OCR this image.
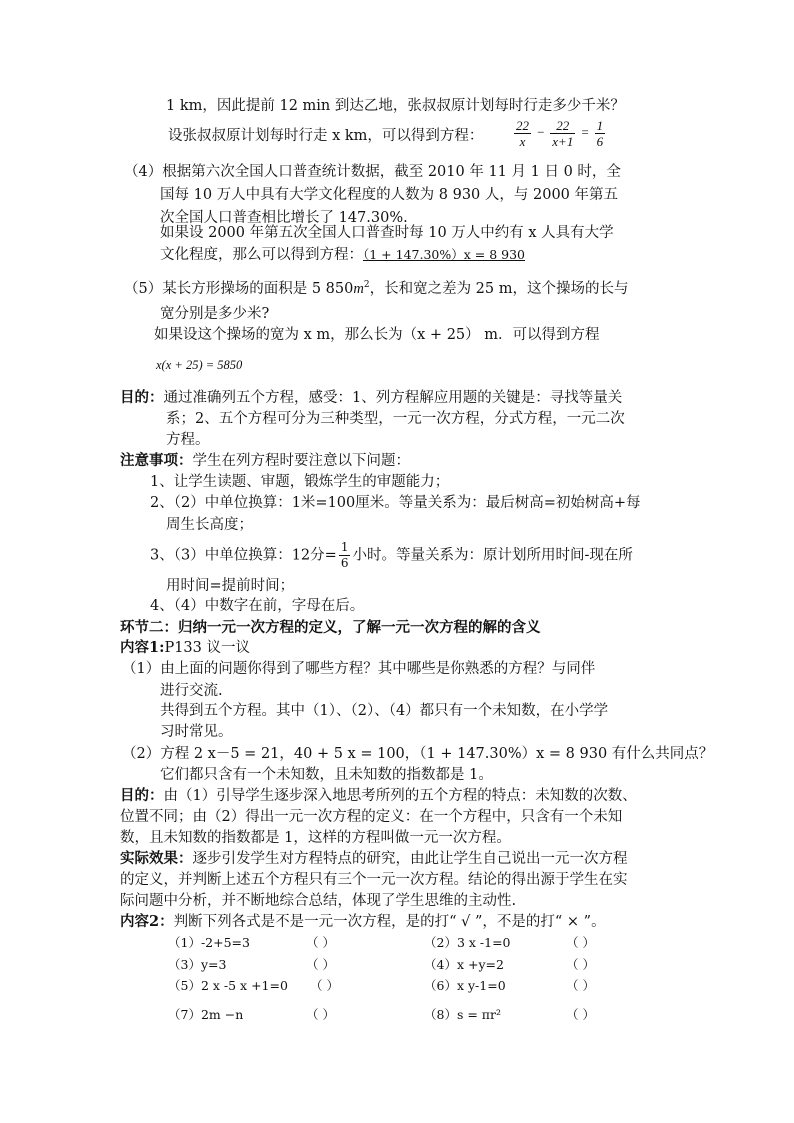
1 km，因此提前 12 min 到达乙地，张叔叔原计划每时行走多少千米？
设张叔叔原计划每时行走 x km，可以得到方程： $\frac{22}{x} - \frac{22}{x+1} = \frac{1}{6}$
（4）根据第六次全国人口普查统计数据，截至 2010 年 11 月 1 日 0 时，全
国每 10 万人中具有大学文化程度的人数为 8 930 人，与 2000 年第五
次全国人口普查相比增长了 147.30%.
如果设 2000 年第五次全国人口普查时每 10 万人中约有 x 人具有大学
文化程度，那么可以得到方程：（1 + 147.30%）x = 8 930
（5）某长方形操场的面积是 5 $850m^2$，长和宽之差为 25 m，这个操场的长与
宽分别是多少米?
如果设这个操场的宽为 x m，那么长为（x + 25） m．可以得到方程
x(x + 25) = 5850
目的：通过准确列五个方程，感受：1、列方程解应用题的关键是：寻找等量关
系；2、五个方程可分为三种类型，一元一次方程，分式方程，一元二次
方程。
注意事项：学生在列方程时要注意以下问题：
1、让学生读题、审题，锻炼学生的审题能力；
2、（2）中单位换算：1米=100厘米。等量关系为：最后树高=初始树高+每
周生长高度；
3、（3）中单位换算：12分= $\frac{1}{6}$ 小时。等量关系为：原计划所用时间-现在所
用时间=提前时间；
4、（4）中数字在前，字母在后。
环节二：归纳一元一次方程的定义，了解一元一次方程的解的含义
内容1:P133 议一议
（1）由上面的问题你得到了哪些方程？其中哪些是你熟悉的方程？与同伴
进行交流.
共得到五个方程。其中（1）、（2）、（4）都只有一个未知数，在小学学
习时常见。
（2）方程 2 x－5 = 21，40 + 5 x = 100，（1 + 147.30%）x = 8 930 有什么共同点？
它们都只含有一个未知数，且未知数的指数都是 1。
目的：由（1）引导学生逐步深入地思考所列的五个方程的特点：未知数的次数、
位置不同；由（2）得出一元一次方程的定义：在一个方程中，只含有一个未知
数，且未知数的指数都是 1，这样的方程叫做一元一次方程。
实际效果：逐步引发学生对方程特点的研究，由此让学生自己说出一元一次方程
的定义，并判断上述五个方程只有三个一元一次方程。结论的得出源于学生在实
际问题中分析，并不断地综合总结，体现了学生思维的主动性.
内容2：判断下列各式是不是一元一次方程，是的打“ √ ”，不是的打“ × ”。
（1）-2+5=3	（ ）	（2）3 x -1=0	（ ）
（3）y=3	（ ）	（4）x +y=2	（ ）
（5）2 x -5 x +1=0 （ ）	（6）x y-1=0	（ ）
（7）2m −n	（ ）	（8）s = πr²	（ ）
